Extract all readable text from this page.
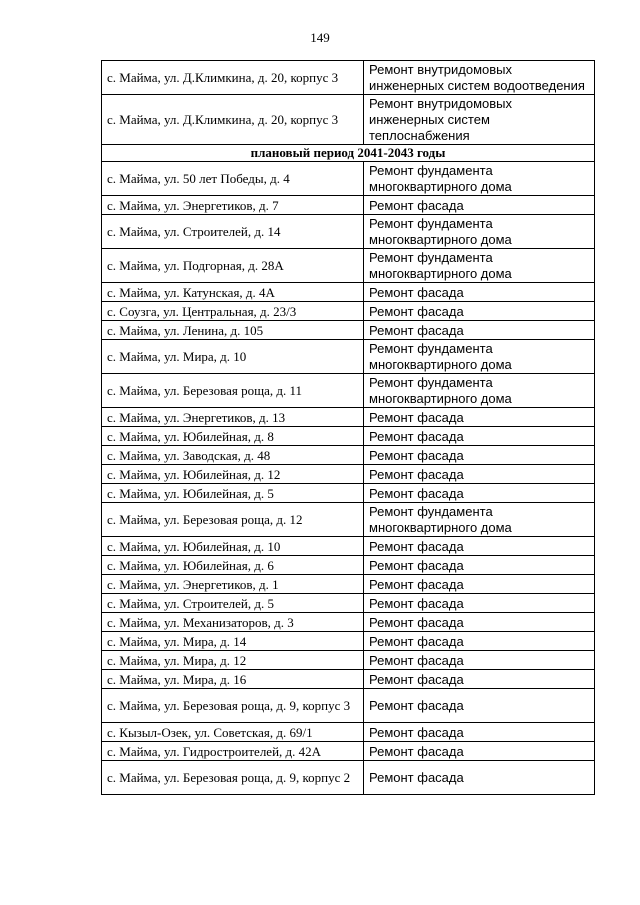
149
с. Майма, ул. Д.Климкина, д. 20, корпус 3	Ремонт внутридомовых инженерных систем водоотведения
с. Майма, ул. Д.Климкина, д. 20, корпус 3	Ремонт внутридомовых инженерных систем теплоснабжения
плановый период 2041-2043 годы	
с. Майма, ул. 50 лет Победы, д. 4	Ремонт фундамента многоквартирного дома
с. Майма, ул. Энергетиков, д. 7	Ремонт фасада
с. Майма, ул. Строителей, д. 14	Ремонт фундамента многоквартирного дома
с. Майма, ул. Подгорная, д. 28А	Ремонт фундамента многоквартирного дома
с. Майма, ул. Катунская, д. 4А	Ремонт фасада
с. Соузга, ул. Центральная, д. 23/3	Ремонт фасада
с. Майма, ул. Ленина, д. 105	Ремонт фасада
с. Майма, ул. Мира, д. 10	Ремонт фундамента многоквартирного дома
с. Майма, ул. Березовая роща, д. 11	Ремонт фундамента многоквартирного дома
с. Майма, ул. Энергетиков, д. 13	Ремонт фасада
с. Майма, ул. Юбилейная, д. 8	Ремонт фасада
с. Майма, ул. Заводская, д. 48	Ремонт фасада
с. Майма, ул. Юбилейная, д. 12	Ремонт фасада
с. Майма, ул. Юбилейная, д. 5	Ремонт фасада
с. Майма, ул. Березовая роща, д. 12	Ремонт фундамента многоквартирного дома
с. Майма, ул. Юбилейная, д. 10	Ремонт фасада
с. Майма, ул. Юбилейная, д. 6	Ремонт фасада
с. Майма, ул. Энергетиков, д. 1	Ремонт фасада
с. Майма, ул. Строителей, д. 5	Ремонт фасада
с. Майма, ул. Механизаторов, д. 3	Ремонт фасада
с. Майма, ул. Мира, д. 14	Ремонт фасада
с. Майма, ул. Мира, д. 12	Ремонт фасада
с. Майма, ул. Мира, д. 16	Ремонт фасада
с. Майма, ул. Березовая роща, д. 9, корпус 3	Ремонт фасада
с. Кызыл-Озек, ул. Советская, д. 69/1	Ремонт фасада
с. Майма, ул. Гидростроителей, д. 42А	Ремонт фасада
с. Майма, ул. Березовая роща, д. 9, корпус 2	Ремонт фасада
